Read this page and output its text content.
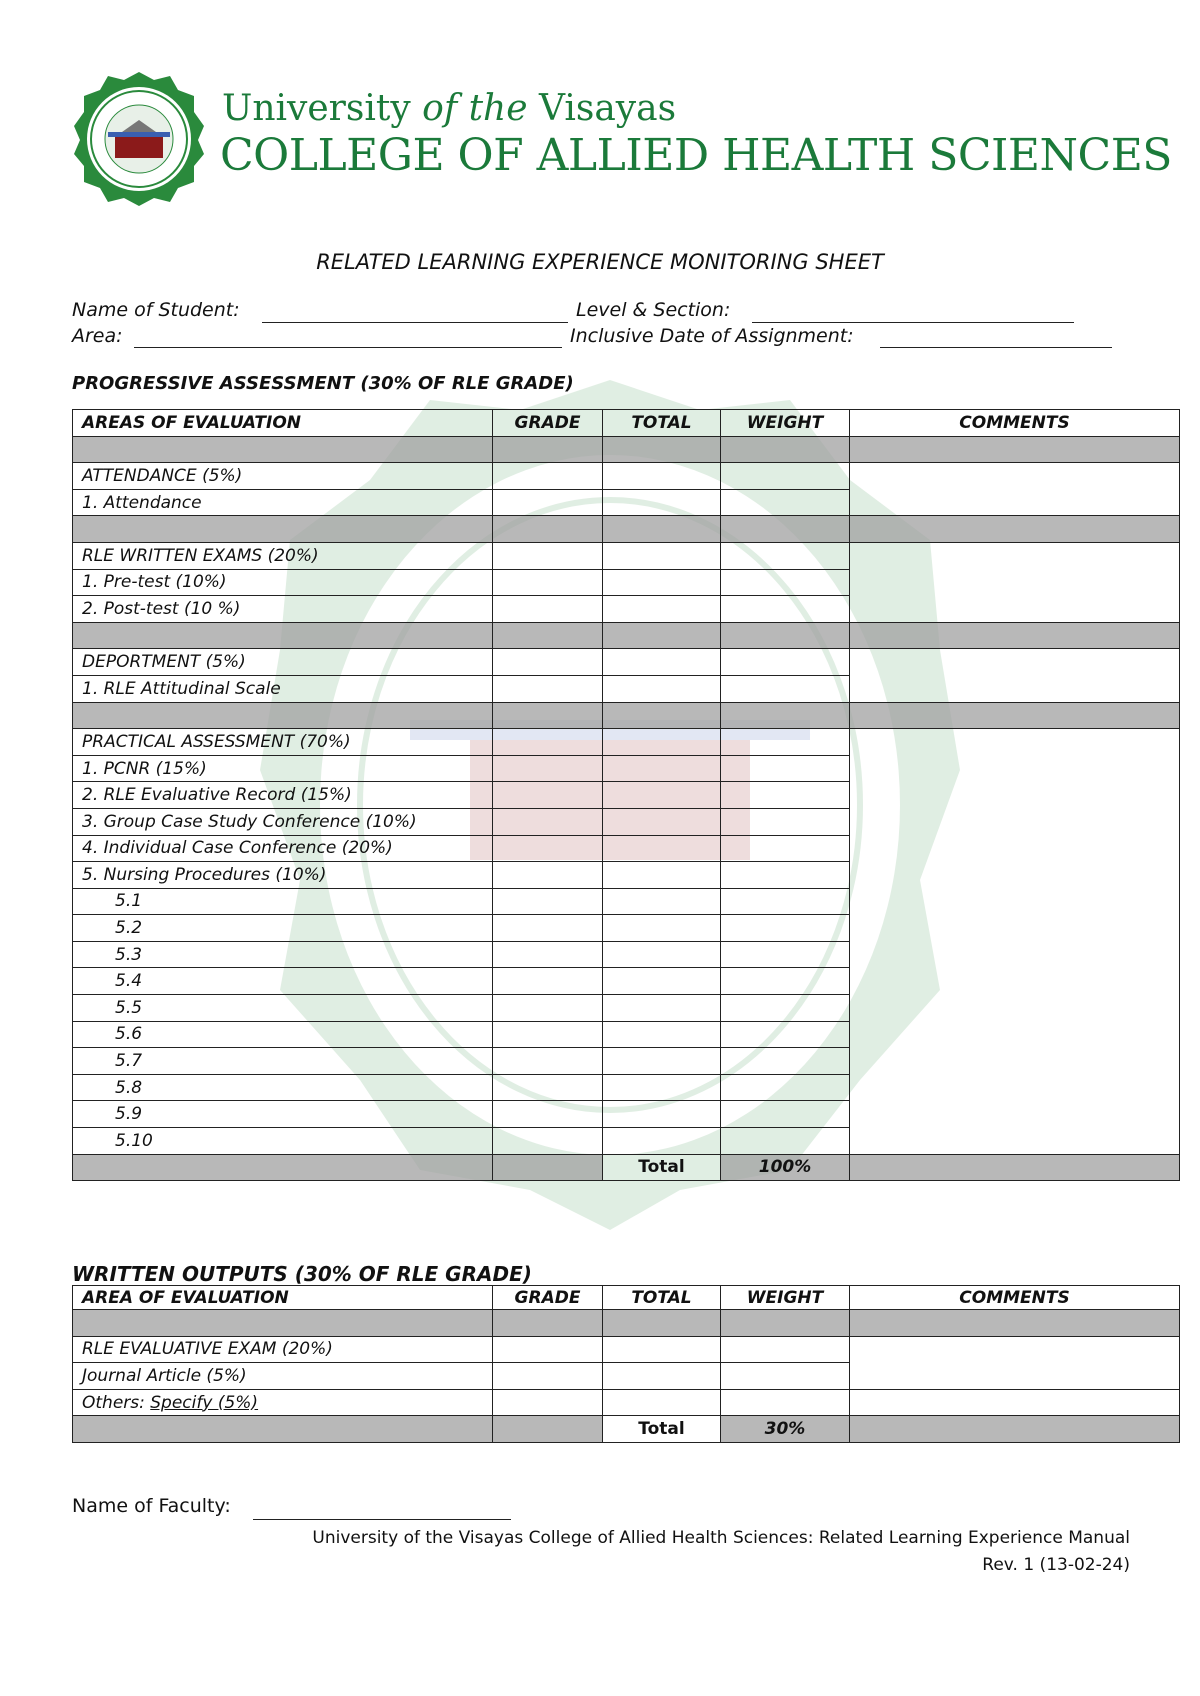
University of the Visayas
COLLEGE OF ALLIED HEALTH SCIENCES
RELATED LEARNING EXPERIENCE MONITORING SHEET
Name of Student:	Level & Section:
Area:	Inclusive Date of Assignment:
PROGRESSIVE ASSESSMENT (30% OF RLE GRADE)
AREAS OF EVALUATION	GRADE	TOTAL	WEIGHT	COMMENTS

ATTENDANCE (5%)				
1. Attendance				

RLE WRITTEN EXAMS (20%)				
1. Pre-test (10%)				
2. Post-test (10 %)				

DEPORTMENT (5%)				
1. RLE Attitudinal Scale				

PRACTICAL ASSESSMENT (70%)				
1. PCNR (15%)				
2. RLE Evaluative Record (15%)				
3. Group Case Study Conference (10%)				
4. Individual Case Conference (20%)				
5. Nursing Procedures (10%)				
5.1				
5.2				
5.3				
5.4				
5.5				
5.6				
5.7				
5.8				
5.9				
5.10				
		Total	100%	
WRITTEN OUTPUTS (30% OF RLE GRADE)
AREA OF EVALUATION	GRADE	TOTAL	WEIGHT	COMMENTS

RLE EVALUATIVE EXAM (20%)				
Journal Article (5%)				
Others: Specify (5%)				
		Total	30%	
Name of Faculty:
University of the Visayas College of Allied Health Sciences: Related Learning Experience Manual
Rev. 1 (13-02-24)
